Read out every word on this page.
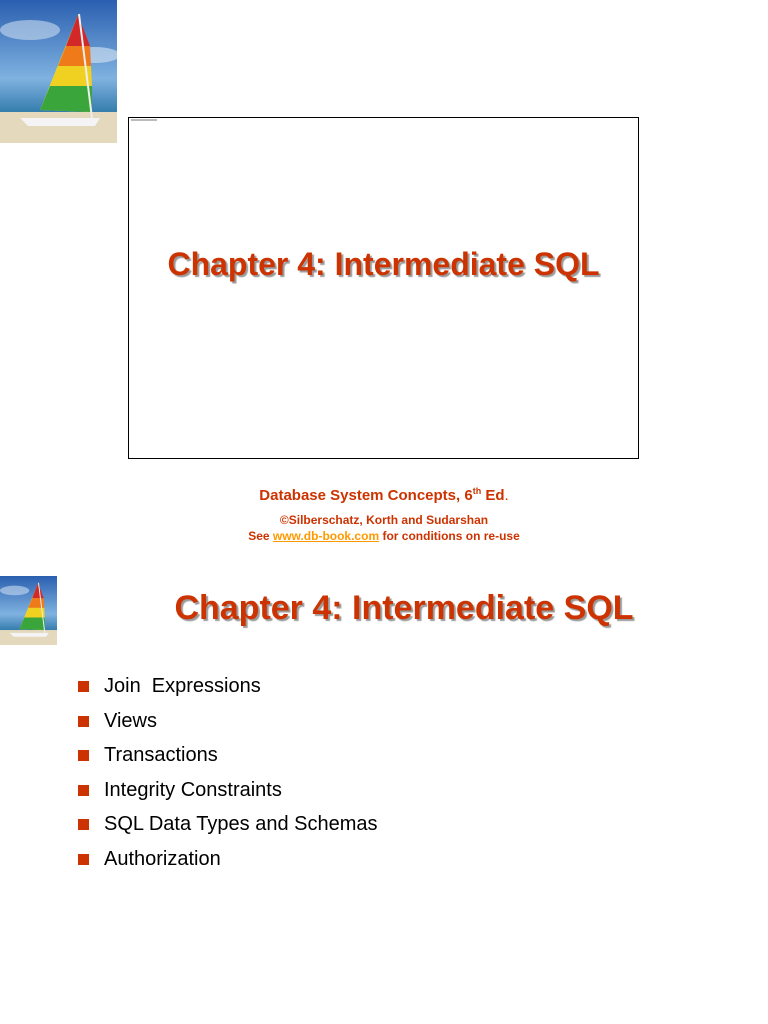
Chapter 4: Intermediate SQL
Database System Concepts, 6th Ed.
©Silberschatz, Korth and Sudarshan
See www.db-book.com for conditions on re-use
Chapter 4: Intermediate SQL
Join  Expressions
Views
Transactions
Integrity Constraints
SQL Data Types and Schemas
Authorization
